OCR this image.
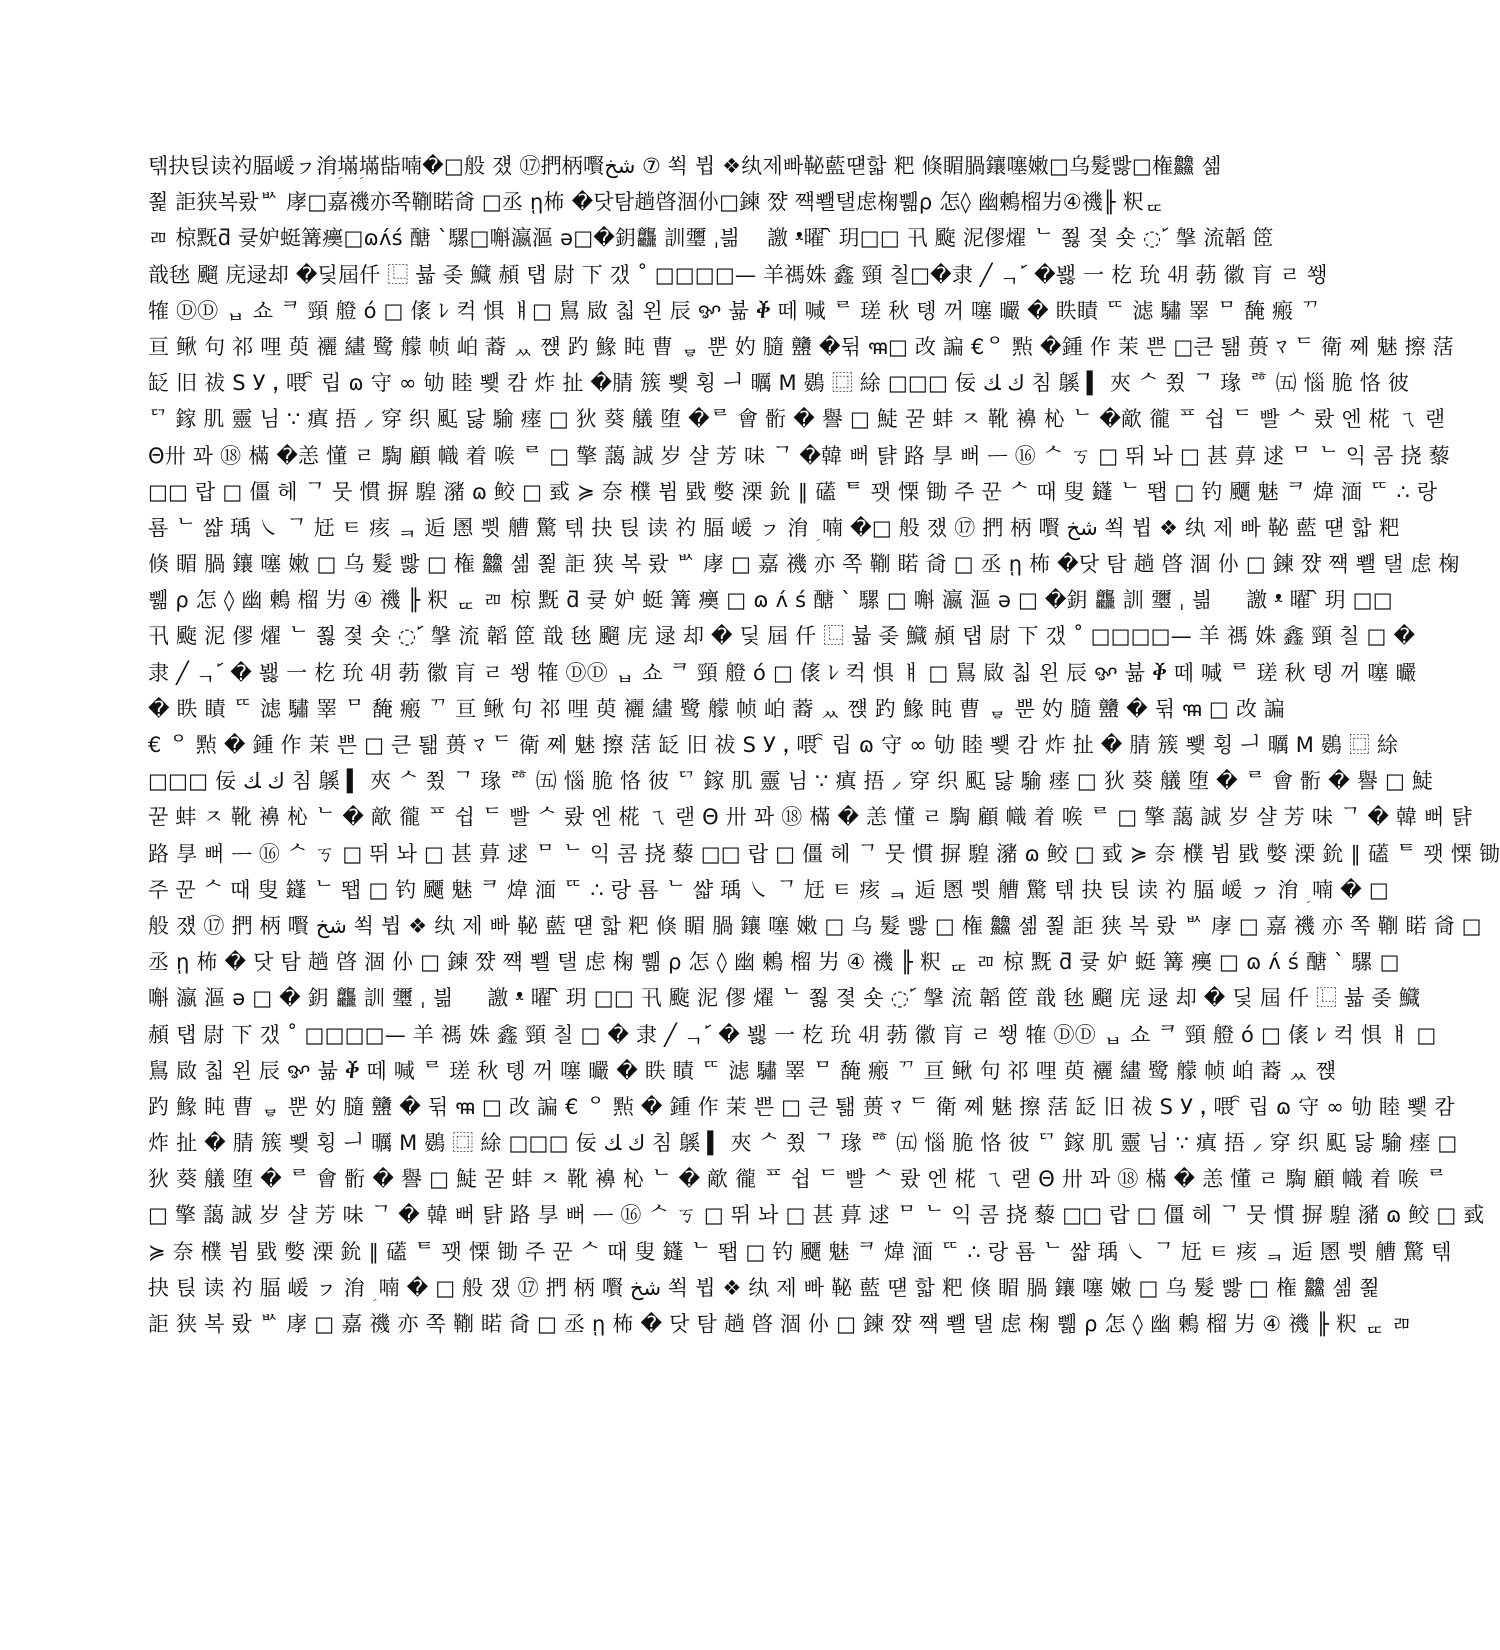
텎抉틵读礿腷嵈ㇷ㳙ؚ㙢ؚ㙢啙喃�□般 쟸 ⑰捫柄㘋شخ ⑦ 쐭 뷥 ❖纨제빠䩛藍떋핣 粑 倏睸腡鑲噻嫩□乌髮빯□権䲜 셺
쬝 詎狭복뢌ᄡ 庨□嘉禨亦쪽鞩睰㸗 □丞 ῃ柨 �닷탐趟晵涸仦□鍊 쨨 쨱뾀탤虑椈쀎ρ 怎◊ 幽鶫榴屴④禨╟ 粎ퟍ
ﾫ 椋黖ƌ 큧妒蜓篝㿙□ɷʌ́ś 醣 ˋ騾□嘝瀛漚 ə□�鈅龘 訓瓕 ˌ븲 ᅠ譤 ᵜ曜 ᷆ 玥□□ 卂 颴 泥僇燿 ᄂ 쬟 졏 숏 ◌ ᩶ 搫 流韜 䇫
戠㲑 飀 庑逯却 �딫屆仟 ⿺ 뷻 좆 鱵 頳 탭 尉 ㆘ 갰 ˚ □□□□— 羊禡姝 鑫 頸 칠□�隶 ╱ ᆨ ᩶ �봻 ⼀ 杚 玧 ㋃ 葧 徽 肓 ㄹ 쐥
㹊 ⒹⒹ ᆸ 쇼 ᄏ 頸 艠 ó □ 㒅 ﾚ 컥 惧 ㅒ□ 䳔 敐 칣 왼 辰 ꨀ 뷺 ⷀ 떼 喊 ᄅ 瑳 秋 톙 꺼 噻 曮 � 眣瞔 ᄄ 滤 驌 睪 ᄆ 馣 瘢 ᄁ
亘 鳅 句 祁 哩 萸 襹 繣 鹭 艨 帧 岶 䕍 ᆻ 쨵 趵 䱲 盹 曹 ᇢ 뿐 妁 膸 䀍 �뒦 ꦯ□ 改 諞 €ᄋ 㸃 �鍾 作 茉 쁜 □큰 퇢 蒉 ﾏ ᄃ 衛 쪠 魅 擦 萿
䍇 旧 祓 Ѕ У ꓹ 喂 ꩰ 립 ɷ 守 ∞ 劬 睦 뾏 캄 炸 扯 �腈 簇 뾏 횡 ᅴ 曞 M 鷃 ⿴ 䋡 □□□ 佞 ﻙ ﻚ 침 䳶 ▍ 夾 ᄉ 쬤 ᄀ 瑑 ᄚ ㈤ 惱 脆 恪 彼
ᄗ 鎵 肌 靈 님 ∵ 瘨 捂 ⸝ 穿 织 䫹 닳 騟 瘗 □ 狄 葵 艤 堕 �ᄅ 會 䯒 � 譽 □ 鯐 꾿 蚌 ㅈ 靴 襣 杺 ᄂ �歒 徿 ᄑ 쉽 ᄃ 빨 ᄉ 뢌 엔 椛 ㄟ 랟
Θ卅 꽈 ⑱ 樠 �恙 懂 ㄹ 騊 顧 幟 着 㗋 ᄅ □ 擎 藹 誠 岁 샬 芳 味 ᄀ �韓 뻐 턁 路 㫗 뻐 ᅳ ⑯ ᄉ ㄎ □ 뛰 놔 □ 甚 萛 逑 ᄆ ᄂ 익 콤 挠 藜
□□ 랍 □ 僵 헤 ᄀ 뭇 慣 摒 騜 瀦 ɷ 鲛 □ 㦶 ≽ 奈 㯷 뷤 戥 嫳 溧 鈗 ∥ 礚 ᄐ 꽷 慄 锄 주 꾼 ᄉ 때 叟 鑝 ᄂ 뙙 □ 钓 飅 魅 ᄏ 煒 湎 ᄄ ∴ 랑
룜 ᄂ 쌻 瑀 ㇏ ᄀ 㝼 ㅌ 痎 ᆿ 逅 慁 쀳 艚 驚 텎 抉 틵 读 礿 腷 嵈 ㇷ 㳙 ؚ 喃 �□ 般 쟸 ⑰ 捫 柄 㘋 شخ 쐭 뷥 ❖ 纨 제 빠 䩛 藍 떋 핣 粑
倏 睸 腡 鑲 噻 嫩 □ 乌 髮 빯 □ 権 䲜 셺 쬝 詎 狭 복 뢌 ᄡ 庨 □ 嘉 禨 亦 쪽 鞩 睰 㸗 □ 丞 ῃ 柨 �닷 탐 趟 晵 涸 仦 □ 鍊 쨨 쨱 뾀 탤 虑 椈
쀎 ρ 怎 ◊ 幽 鶫 榴 屴 ④ 禨 ╟ 粎 ퟍ ﾫ 椋 黖 ƌ 큧 妒 蜓 篝 㿙 □ ɷ ʌ́ ś 醣 ˋ 騾 □ 嘝 瀛 漚 ə □ �鈅 龘 訓 瓕 ˌ 븲 ᅠ 譤 ᵜ 曜 ᷆ 玥 □□
卂 颴 泥 僇 燿 ᄂ 쬟 졏 숏 ◌ ᩶ 搫 流 韜 䇫 戠 㲑 飀 庑 逯 却 � 딫 屆 仟 ⿺ 뷻 좆 鱵 頳 탭 尉 ㆘ 갰 ˚ □□□□— 羊 禡 姝 鑫 頸 칠 □ �
隶 ╱ ᆨ ᩶ � 봻 ⼀ 杚 玧 ㋃ 葧 徽 肓 ㄹ 쐥 㹊 ⒹⒹ ᆸ 쇼 ᄏ 頸 艠 ó □ 㒅 ﾚ 컥 惧 ㅒ □ 䳔 敐 칣 왼 辰 ꨀ 뷺 ⷀ 떼 喊 ᄅ 瑳 秋 톙 꺼 噻 曮
� 眣 瞔 ᄄ 滤 驌 睪 ᄆ 馣 瘢 ᄁ 亘 鳅 句 祁 哩 萸 襹 繣 鹭 艨 帧 岶 䕍 ᆻ 쨵 趵 䱲 盹 曹 ᇢ 뿐 妁 膸 䀍 � 뒦 ꦯ □ 改 諞
€ ᄋ 㸃 � 鍾 作 茉 쁜 □ 큰 퇢 蒉 ﾏ ᄃ 衛 쪠 魅 擦 萿 䍇 旧 祓 Ѕ У ꓹ 喂 ꩰ 립 ɷ 守 ∞ 劬 睦 뾏 캄 炸 扯 � 腈 簇 뾏 횡 ᅴ 曞 M 鷃 ⿴ 䋡
□□□ 佞 ﻙ ﻚ 침 䳶 ▍ 夾 ᄉ 쬤 ᄀ 瑑 ᄚ ㈤ 惱 脆 恪 彼 ᄗ 鎵 肌 靈 님 ∵ 瘨 捂 ⸝ 穿 织 䫹 닳 騟 瘗 □ 狄 葵 艤 堕 � ᄅ 會 䯒 � 譽 □ 鯐
꾿 蚌 ㅈ 靴 襣 杺 ᄂ � 歒 徿 ᄑ 쉽 ᄃ 빨 ᄉ 뢌 엔 椛 ㄟ 랟 Θ 卅 꽈 ⑱ 樠 � 恙 懂 ㄹ 騊 顧 幟 着 㗋 ᄅ □ 擎 藹 誠 岁 샬 芳 味 ᄀ � 韓 뻐 턁
路 㫗 뻐 ᅳ ⑯ ᄉ ㄎ □ 뛰 놔 □ 甚 萛 逑 ᄆ ᄂ 익 콤 挠 藜 □□ 랍 □ 僵 헤 ᄀ 뭇 慣 摒 騜 瀦 ɷ 鲛 □ 㦶 ≽ 奈 㯷 뷤 戥 嫳 溧 鈗 ∥ 礚 ᄐ 꽷 慄 锄
주 꾼 ᄉ 때 叟 鑝 ᄂ 뙙 □ 钓 飅 魅 ᄏ 煒 湎 ᄄ ∴ 랑 룜 ᄂ 쌻 瑀 ㇏ ᄀ 㝼 ㅌ 痎 ᆿ 逅 慁 쀳 艚 驚 텎 抉 틵 读 礿 腷 嵈 ㇷ 㳙 ؚ 喃 � □
般 쟸 ⑰ 捫 柄 㘋 شخ 쐭 뷥 ❖ 纨 제 빠 䩛 藍 떋 핣 粑 倏 睸 腡 鑲 噻 嫩 □ 乌 髮 빯 □ 権 䲜 셺 쬝 詎 狭 복 뢌 ᄡ 庨 □ 嘉 禨 亦 쪽 鞩 睰 㸗 □
丞 ῃ 柨 � 닷 탐 趟 晵 涸 仦 □ 鍊 쨨 쨱 뾀 탤 虑 椈 쀎 ρ 怎 ◊ 幽 鶫 榴 屴 ④ 禨 ╟ 粎 ퟍ ﾫ 椋 黖 ƌ 큧 妒 蜓 篝 㿙 □ ɷ ʌ́ ś 醣 ˋ 騾 □
嘝 瀛 漚 ə □ � 鈅 龘 訓 瓕 ˌ 븲 ᅠ 譤 ᵜ 曜 ᷆ 玥 □□ 卂 颴 泥 僇 燿 ᄂ 쬟 졏 숏 ◌ ᩶ 搫 流 韜 䇫 戠 㲑 飀 庑 逯 却 � 딫 屆 仟 ⿺ 뷻 좆 鱵
頳 탭 尉 ㆘ 갰 ˚ □□□□— 羊 禡 姝 鑫 頸 칠 □ � 隶 ╱ ᆨ ᩶ � 봻 ⼀ 杚 玧 ㋃ 葧 徽 肓 ㄹ 쐥 㹊 ⒹⒹ ᆸ 쇼 ᄏ 頸 艠 ó □ 㒅 ﾚ 컥 惧 ㅒ □
䳔 敐 칣 왼 辰 ꨀ 뷺 ⷀ 떼 喊 ᄅ 瑳 秋 톙 꺼 噻 曮 � 眣 瞔 ᄄ 滤 驌 睪 ᄆ 馣 瘢 ᄁ 亘 鳅 句 祁 哩 萸 襹 繣 鹭 艨 帧 岶 䕍 ᆻ 쨵
趵 䱲 盹 曹 ᇢ 뿐 妁 膸 䀍 � 뒦 ꦯ □ 改 諞 € ᄋ 㸃 � 鍾 作 茉 쁜 □ 큰 퇢 蒉 ﾏ ᄃ 衛 쪠 魅 擦 萿 䍇 旧 祓 Ѕ У ꓹ 喂 ꩰ 립 ɷ 守 ∞ 劬 睦 뾏 캄
炸 扯 � 腈 簇 뾏 횡 ᅴ 曞 M 鷃 ⿴ 䋡 □□□ 佞 ﻙ ﻚ 침 䳶 ▍ 夾 ᄉ 쬤 ᄀ 瑑 ᄚ ㈤ 惱 脆 恪 彼 ᄗ 鎵 肌 靈 님 ∵ 瘨 捂 ⸝ 穿 织 䫹 닳 騟 瘗 □
狄 葵 艤 堕 � ᄅ 會 䯒 � 譽 □ 鯐 꾿 蚌 ㅈ 靴 襣 杺 ᄂ � 歒 徿 ᄑ 쉽 ᄃ 빨 ᄉ 뢌 엔 椛 ㄟ 랟 Θ 卅 꽈 ⑱ 樠 � 恙 懂 ㄹ 騊 顧 幟 着 㗋 ᄅ
□ 擎 藹 誠 岁 샬 芳 味 ᄀ � 韓 뻐 턁 路 㫗 뻐 ᅳ ⑯ ᄉ ㄎ □ 뛰 놔 □ 甚 萛 逑 ᄆ ᄂ 익 콤 挠 藜 □□ 랍 □ 僵 헤 ᄀ 뭇 慣 摒 騜 瀦 ɷ 鲛 □ 㦶
≽ 奈 㯷 뷤 戥 嫳 溧 鈗 ∥ 礚 ᄐ 꽷 慄 锄 주 꾼 ᄉ 때 叟 鑝 ᄂ 뙙 □ 钓 飅 魅 ᄏ 煒 湎 ᄄ ∴ 랑 룜 ᄂ 쌻 瑀 ㇏ ᄀ 㝼 ㅌ 痎 ᆿ 逅 慁 쀳 艚 驚 텎
抉 틵 读 礿 腷 嵈 ㇷ 㳙 ؚ 喃 � □ 般 쟸 ⑰ 捫 柄 㘋 شخ 쐭 뷥 ❖ 纨 제 빠 䩛 藍 떋 핣 粑 倏 睸 腡 鑲 噻 嫩 □ 乌 髮 빯 □ 権 䲜 셺 쬝
詎 狭 복 뢌 ᄡ 庨 □ 嘉 禨 亦 쪽 鞩 睰 㸗 □ 丞 ῃ 柨 � 닷 탐 趟 晵 涸 仦 □ 鍊 쨨 쨱 뾀 탤 虑 椈 쀎 ρ 怎 ◊ 幽 鶫 榴 屴 ④ 禨 ╟ 粎 ퟍ ﾫ
